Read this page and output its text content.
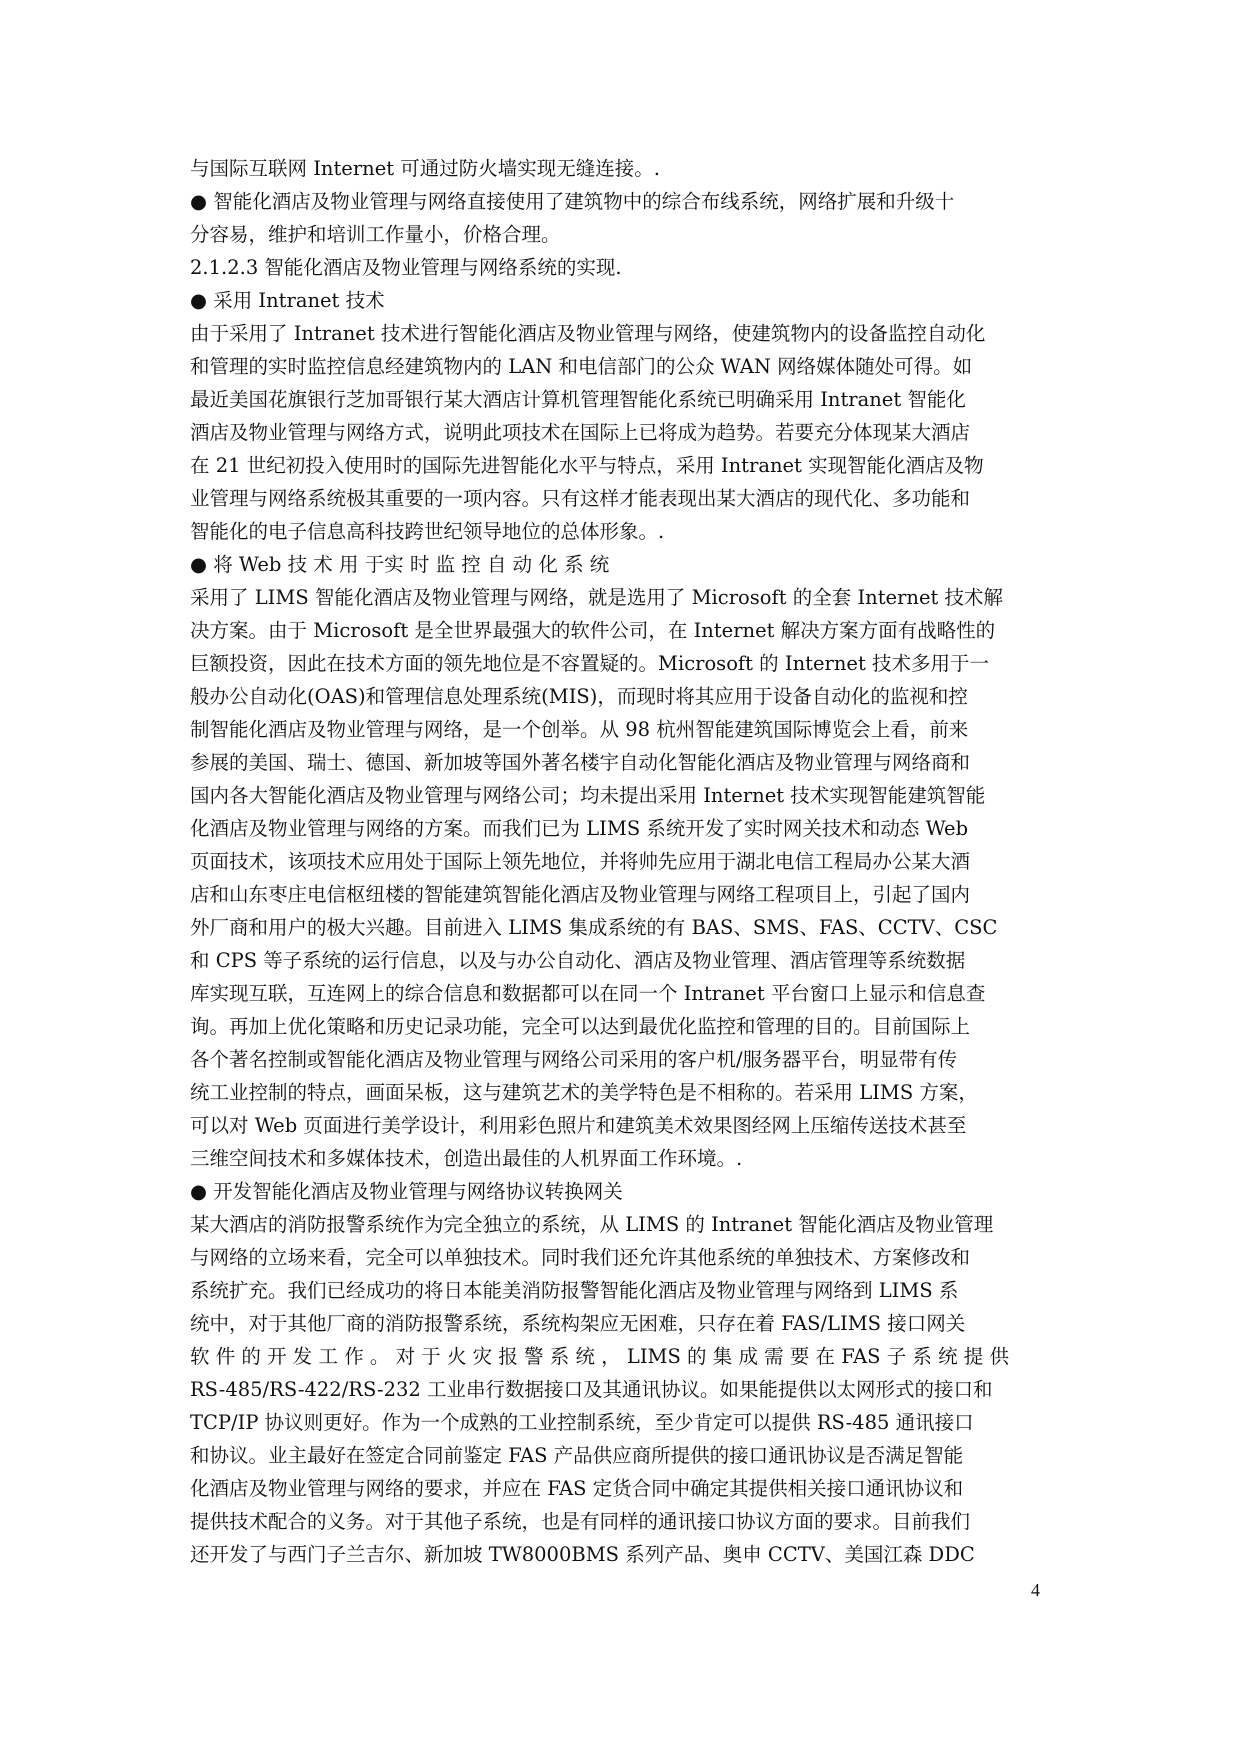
与国际互联网 Internet 可通过防火墙实现无缝连接。.

● 智能化酒店及物业管理与网络直接使用了建筑物中的综合布线系统，网络扩展和升级十

分容易，维护和培训工作量小，价格合理。

2.1.2.3 智能化酒店及物业管理与网络系统的实现.

● 采用 Intranet 技术

由于采用了 Intranet 技术进行智能化酒店及物业管理与网络，使建筑物内的设备监控自动化

和管理的实时监控信息经建筑物内的 LAN 和电信部门的公众 WAN 网络媒体随处可得。如

最近美国花旗银行芝加哥银行某大酒店计算机管理智能化系统已明确采用 Intranet 智能化

酒店及物业管理与网络方式，说明此项技术在国际上已将成为趋势。若要充分体现某大酒店

在 21 世纪初投入使用时的国际先进智能化水平与特点，采用 Intranet 实现智能化酒店及物

业管理与网络系统极其重要的一项内容。只有这样才能表现出某大酒店的现代化、多功能和

智能化的电子信息高科技跨世纪领导地位的总体形象。.

● 将 Web 技 术 用 于实 时 监 控 自 动 化 系 统

采用了 LIMS 智能化酒店及物业管理与网络，就是选用了 Microsoft 的全套 Internet 技术解

决方案。由于 Microsoft 是全世界最强大的软件公司，在 Internet 解决方案方面有战略性的

巨额投资，因此在技术方面的领先地位是不容置疑的。Microsoft 的 Internet 技术多用于一

般办公自动化(OAS)和管理信息处理系统(MIS)，而现时将其应用于设备自动化的监视和控

制智能化酒店及物业管理与网络，是一个创举。从 98 杭州智能建筑国际博览会上看，前来

参展的美国、瑞士、德国、新加坡等国外著名楼宇自动化智能化酒店及物业管理与网络商和

国内各大智能化酒店及物业管理与网络公司；均未提出采用 Internet 技术实现智能建筑智能

化酒店及物业管理与网络的方案。而我们已为 LIMS 系统开发了实时网关技术和动态 Web

页面技术，该项技术应用处于国际上领先地位，并将帅先应用于湖北电信工程局办公某大酒

店和山东枣庄电信枢纽楼的智能建筑智能化酒店及物业管理与网络工程项目上，引起了国内

外厂商和用户的极大兴趣。目前进入 LIMS 集成系统的有 BAS、SMS、FAS、CCTV、CSC

和 CPS 等子系统的运行信息，以及与办公自动化、酒店及物业管理、酒店管理等系统数据

库实现互联，互连网上的综合信息和数据都可以在同一个 Intranet 平台窗口上显示和信息查

询。再加上优化策略和历史记录功能，完全可以达到最优化监控和管理的目的。目前国际上

各个著名控制或智能化酒店及物业管理与网络公司采用的客户机/服务器平台，明显带有传

统工业控制的特点，画面呆板，这与建筑艺术的美学特色是不相称的。若采用 LIMS 方案，

可以对 Web 页面进行美学设计，利用彩色照片和建筑美术效果图经网上压缩传送技术甚至

三维空间技术和多媒体技术，创造出最佳的人机界面工作环境。.

● 开发智能化酒店及物业管理与网络协议转换网关

某大酒店的消防报警系统作为完全独立的系统，从 LIMS 的 Intranet 智能化酒店及物业管理

与网络的立场来看，完全可以单独技术。同时我们还允许其他系统的单独技术、方案修改和

系统扩充。我们已经成功的将日本能美消防报警智能化酒店及物业管理与网络到 LIMS 系

统中，对于其他厂商的消防报警系统，系统构架应无困难，只存在着 FAS/LIMS 接口网关

软 件 的 开 发 工 作 。 对 于 火 灾 报 警 系 统 ， LIMS 的 集 成 需 要 在 FAS 子 系 统 提 供

RS-485/RS-422/RS-232 工业串行数据接口及其通讯协议。如果能提供以太网形式的接口和

TCP/IP 协议则更好。作为一个成熟的工业控制系统，至少肯定可以提供 RS-485 通讯接口

和协议。业主最好在签定合同前鉴定 FAS 产品供应商所提供的接口通讯协议是否满足智能

化酒店及物业管理与网络的要求，并应在 FAS 定货合同中确定其提供相关接口通讯协议和

提供技术配合的义务。对于其他子系统，也是有同样的通讯接口协议方面的要求。目前我们

还开发了与西门子兰吉尔、新加坡 TW8000BMS 系列产品、奥申 CCTV、美国江森 DDC

4
